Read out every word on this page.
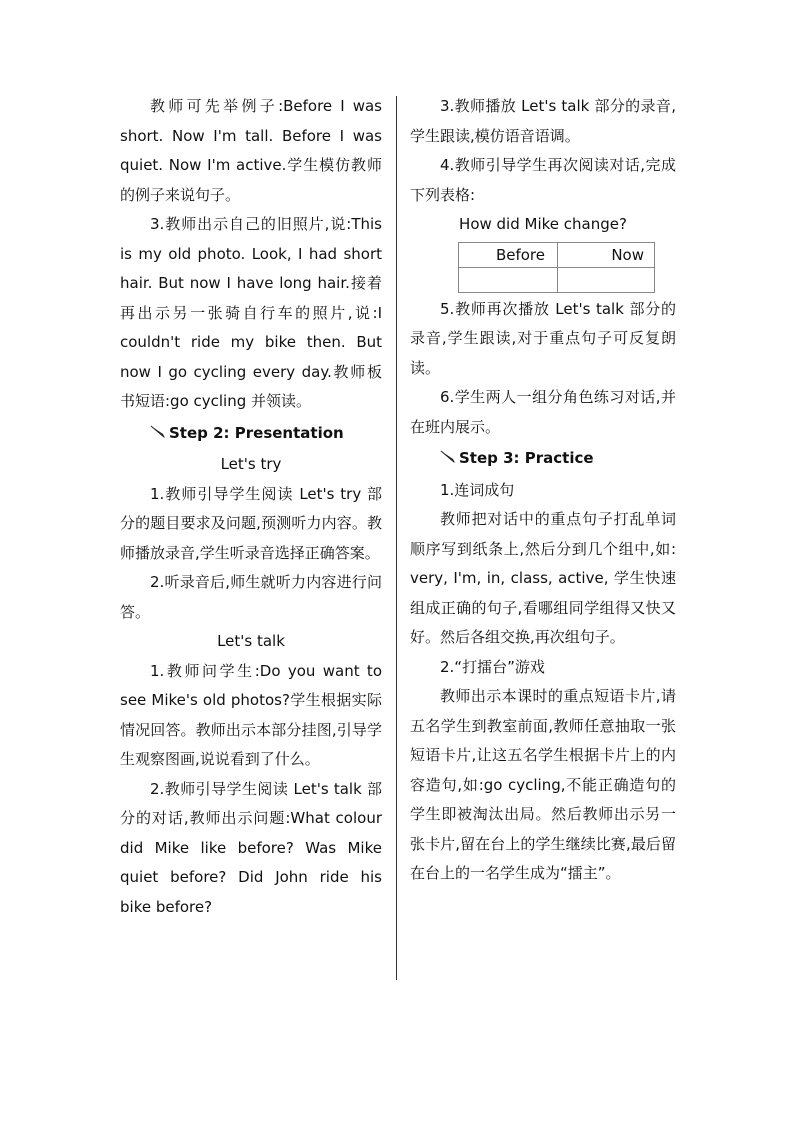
教师可先举例子:Before I was short. Now I'm tall. Before I was quiet. Now I'm active.学生模仿教师的例子来说句子。

3.教师出示自己的旧照片,说:This is my old photo. Look, I had short hair. But now I have long hair.接着再出示另一张骑自行车的照片,说:I couldn't ride my bike then. But now I go cycling every day.教师板书短语:go cycling 并领读。

Step 2: Presentation

Let's try

1.教师引导学生阅读 Let's try 部分的题目要求及问题,预测听力内容。教师播放录音,学生听录音选择正确答案。

2.听录音后,师生就听力内容进行问答。

Let's talk

1.教师问学生:Do you want to see Mike's old photos?学生根据实际情况回答。教师出示本部分挂图,引导学生观察图画,说说看到了什么。

2.教师引导学生阅读 Let's talk 部分的对话,教师出示问题:What colour did Mike like before? Was Mike quiet before? Did John ride his bike before?

3.教师播放 Let's talk 部分的录音,学生跟读,模仿语音语调。

4.教师引导学生再次阅读对话,完成下列表格:

How did Mike change?

Before	Now

5.教师再次播放 Let's talk 部分的录音,学生跟读,对于重点句子可反复朗读。

6.学生两人一组分角色练习对话,并在班内展示。

Step 3: Practice

1.连词成句

教师把对话中的重点句子打乱单词顺序写到纸条上,然后分到几个组中,如: very, I'm, in, class, active, 学生快速组成正确的句子,看哪组同学组得又快又好。然后各组交换,再次组句子。

2.“打擂台”游戏

教师出示本课时的重点短语卡片,请五名学生到教室前面,教师任意抽取一张短语卡片,让这五名学生根据卡片上的内容造句,如:go cycling,不能正确造句的学生即被淘汰出局。然后教师出示另一张卡片,留在台上的学生继续比赛,最后留在台上的一名学生成为“擂主”。
